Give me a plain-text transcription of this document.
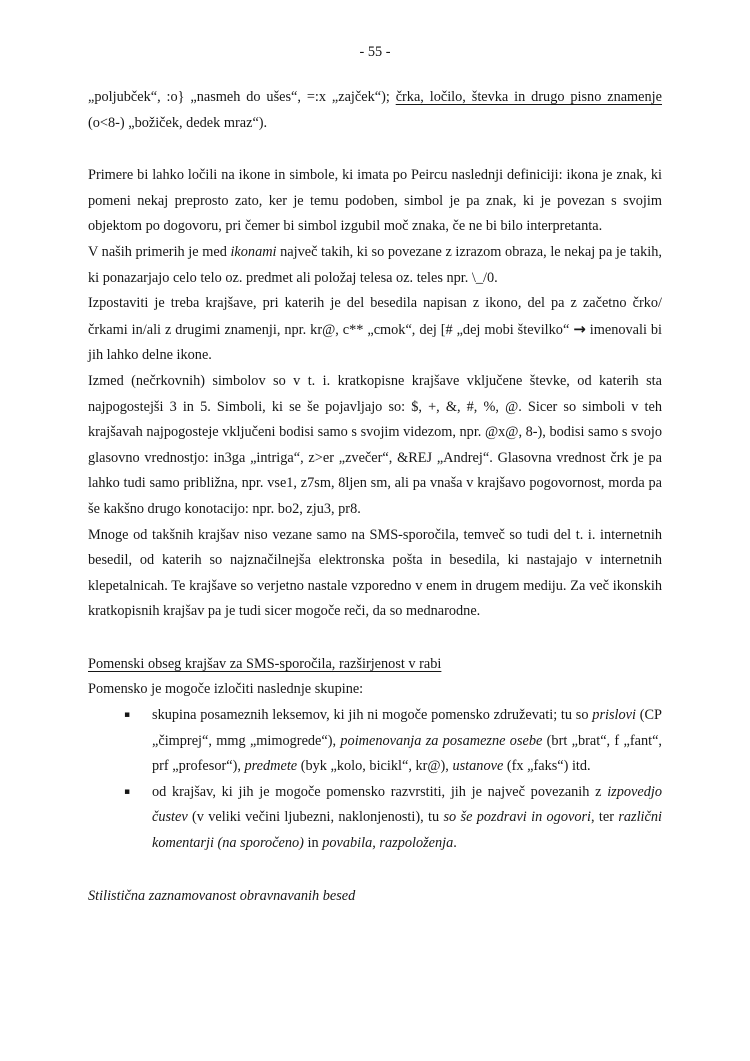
- 55 -

„poljubček“, :o} „nasmeh do ušes“, =:x „zajček“); črka, ločilo, števka in drugo pisno znamenje (o<8-) „božiček, dedek mraz“).

Primere bi lahko ločili na ikone in simbole, ki imata po Peircu naslednji definiciji: ikona je znak, ki pomeni nekaj preprosto zato, ker je temu podoben, simbol je pa znak, ki je povezan s svojim objektom po dogovoru, pri čemer bi simbol izgubil moč znaka, če ne bi bilo interpretanta.

V naših primerih je med ikonami največ takih, ki so povezane z izrazom obraza, le nekaj pa je takih, ki ponazarjajo celo telo oz. predmet ali položaj telesa oz. teles npr. \_/0.

Izpostaviti je treba krajšave, pri katerih je del besedila napisan z ikono, del pa z začetno črko/črkami in/ali z drugimi znamenji, npr. kr@, c** „cmok“, dej [# „dej mobi številko“ → imenovali bi jih lahko delne ikone.

Izmed (nečrkovnih) simbolov so v t. i. kratkopisne krajšave vključene števke, od katerih sta najpogostejši 3 in 5. Simboli, ki se še pojavljajo so: $, +, &, #, %, @. Sicer so simboli v teh krajšavah najpogosteje vključeni bodisi samo s svojim videzom, npr. @x@, 8-), bodisi samo s svojo glasovno vrednostjo: in3ga „intriga“, z>er „zvečer“, &REJ „Andrej“. Glasovna vrednost črk je pa lahko tudi samo približna, npr. vse1, z7sm, 8ljen sm, ali pa vnaša v krajšavo pogovornost, morda pa še kakšno drugo konotacijo: npr. bo2, zju3, pr8.

Mnoge od takšnih krajšav niso vezane samo na SMS-sporočila, temveč so tudi del t. i. internetnih besedil, od katerih so najznačilnejša elektronska pošta in besedila, ki nastajajo v internetnih klepetalnicah. Te krajšave so verjetno nastale vzporedno v enem in drugem mediju. Za več ikonskih kratkopisnih krajšav pa je tudi sicer mogoče reči, da so mednarodne.

Pomenski obseg krajšav za SMS-sporočila, razširjenost v rabi

Pomensko je mogoče izločiti naslednje skupine:

▪	skupina posameznih leksemov, ki jih ni mogoče pomensko združevati; tu so prislovi (CP „čimprej“, mmg „mimogrede“), poimenovanja za posamezne osebe (brt „brat“, f „fant“, prf „profesor“), predmete (byk „kolo, bicikl“, kr@), ustanove (fx „faks“) itd.
▪	od krajšav, ki jih je mogoče pomensko razvrstiti, jih je največ povezanih z izpovedjo čustev (v veliki večini ljubezni, naklonjenosti), tu so še pozdravi in ogovori, ter različni komentarji (na sporočeno) in povabila, razpoloženja.

Stilistična zaznamovanost obravnavanih besed
